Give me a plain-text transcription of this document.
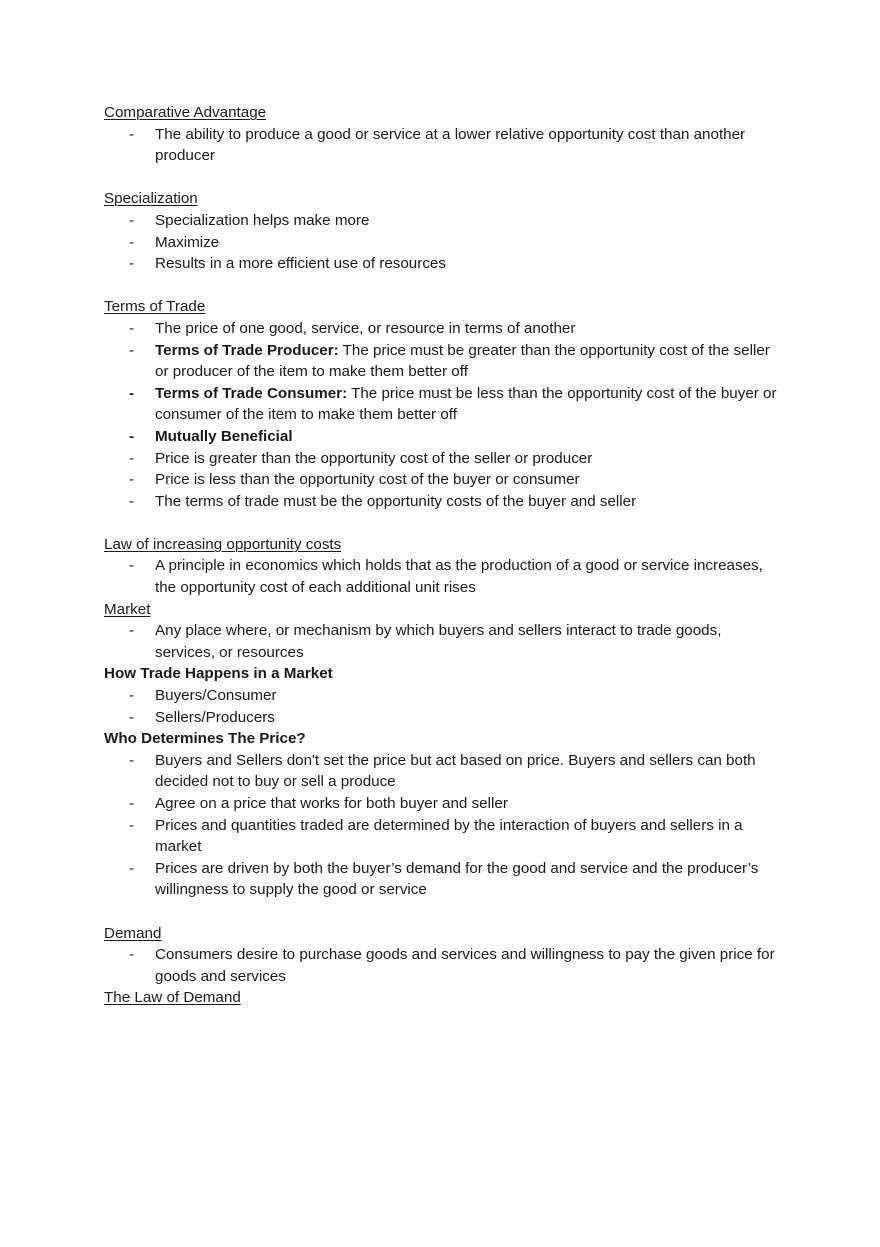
Comparative Advantage
- The ability to produce a good or service at a lower relative opportunity cost than another producer
Specialization
- Specialization helps make more
- Maximize
- Results in a more efficient use of resources
Terms of Trade
- The price of one good, service, or resource in terms of another
- Terms of Trade Producer: The price must be greater than the opportunity cost of the seller or producer of the item to make them better off
- Terms of Trade Consumer: The price must be less than the opportunity cost of the buyer or consumer of the item to make them better off
- Mutually Beneficial
- Price is greater than the opportunity cost of the seller or producer
- Price is less than the opportunity cost of the buyer or consumer
- The terms of trade must be the opportunity costs of the buyer and seller
Law of increasing opportunity costs
- A principle in economics which holds that as the production of a good or service increases, the opportunity cost of each additional unit rises
Market
- Any place where, or mechanism by which buyers and sellers interact to trade goods, services, or resources
How Trade Happens in a Market
- Buyers/Consumer
- Sellers/Producers
Who Determines The Price?
- Buyers and Sellers don't set the price but act based on price. Buyers and sellers can both decided not to buy or sell a produce
- Agree on a price that works for both buyer and seller
- Prices and quantities traded are determined by the interaction of buyers and sellers in a market
- Prices are driven by both the buyer’s demand for the good and service and the producer’s willingness to supply the good or service
Demand
- Consumers desire to purchase goods and services and willingness to pay the given price for goods and services
The Law of Demand
